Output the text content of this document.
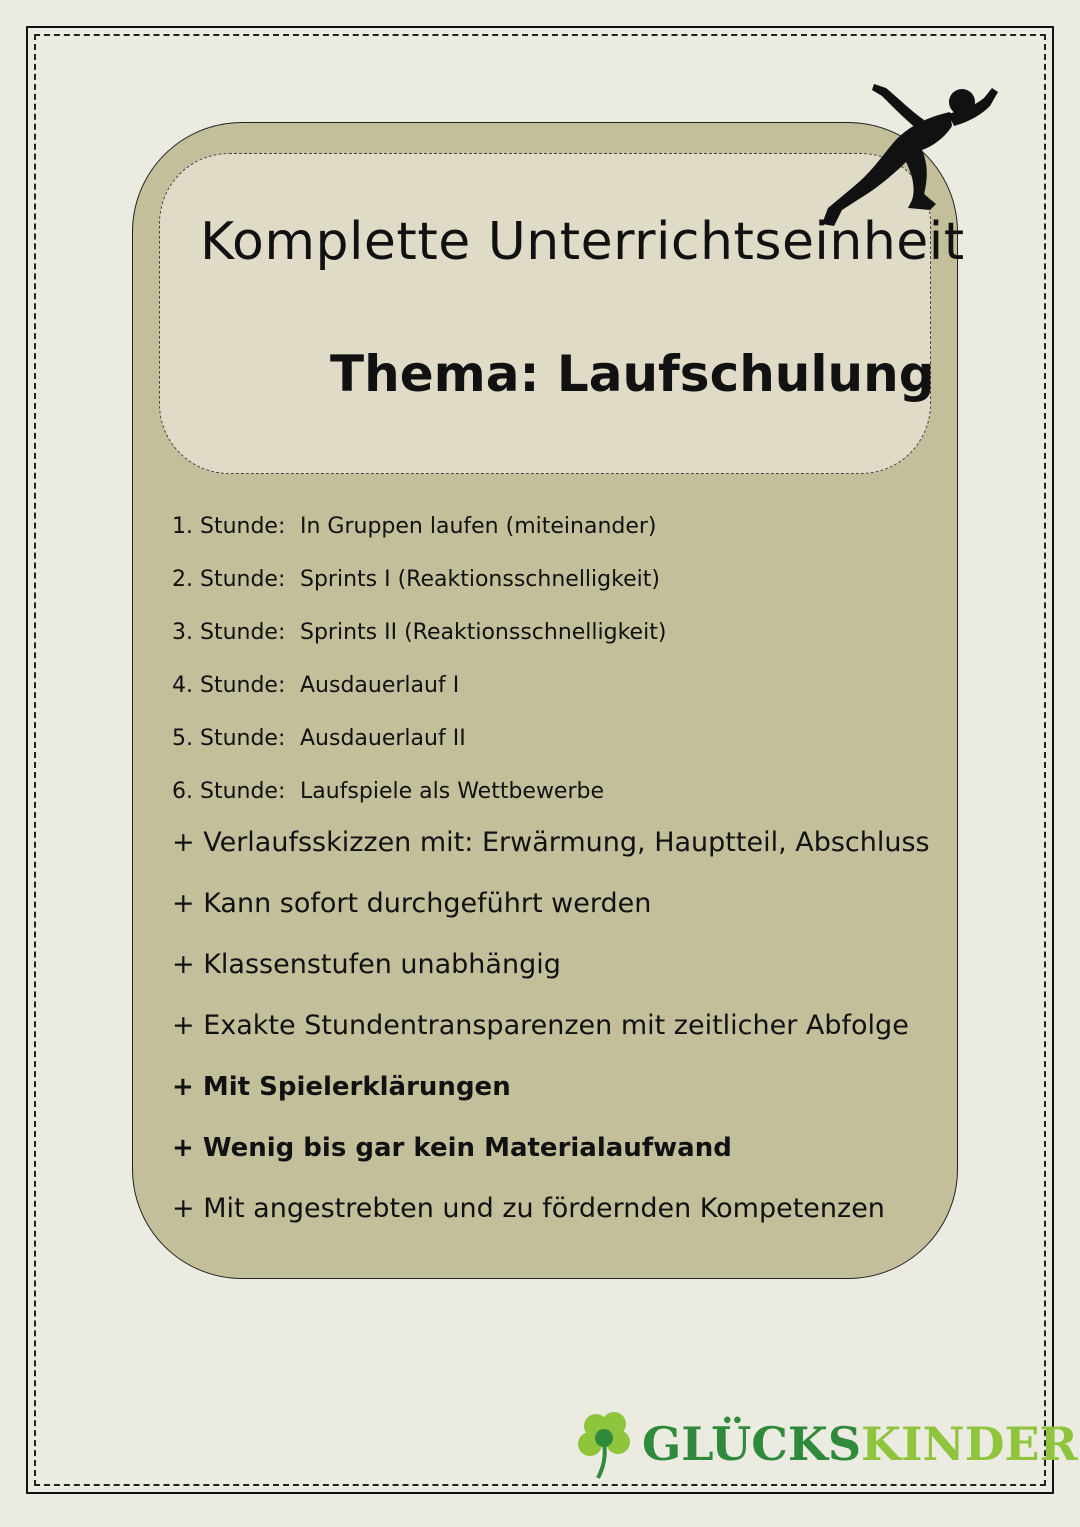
Komplette Unterrichtseinheit
Thema: Laufschulung
1. Stunde: In Gruppen laufen (miteinander)
2. Stunde: Sprints I (Reaktionsschnelligkeit)
3. Stunde: Sprints II (Reaktionsschnelligkeit)
4. Stunde: Ausdauerlauf I
5. Stunde: Ausdauerlauf II
6. Stunde: Laufspiele als Wettbewerbe
+ Verlaufsskizzen mit: Erwärmung, Hauptteil, Abschluss
+ Kann sofort durchgeführt werden
+ Klassenstufen unabhängig
+ Exakte Stundentransparenzen mit zeitlicher Abfolge
+ Mit Spielerklärungen
+ Wenig bis gar kein Materialaufwand
+ Mit angestrebten und zu fördernden Kompetenzen
GLÜCKSKINDER
